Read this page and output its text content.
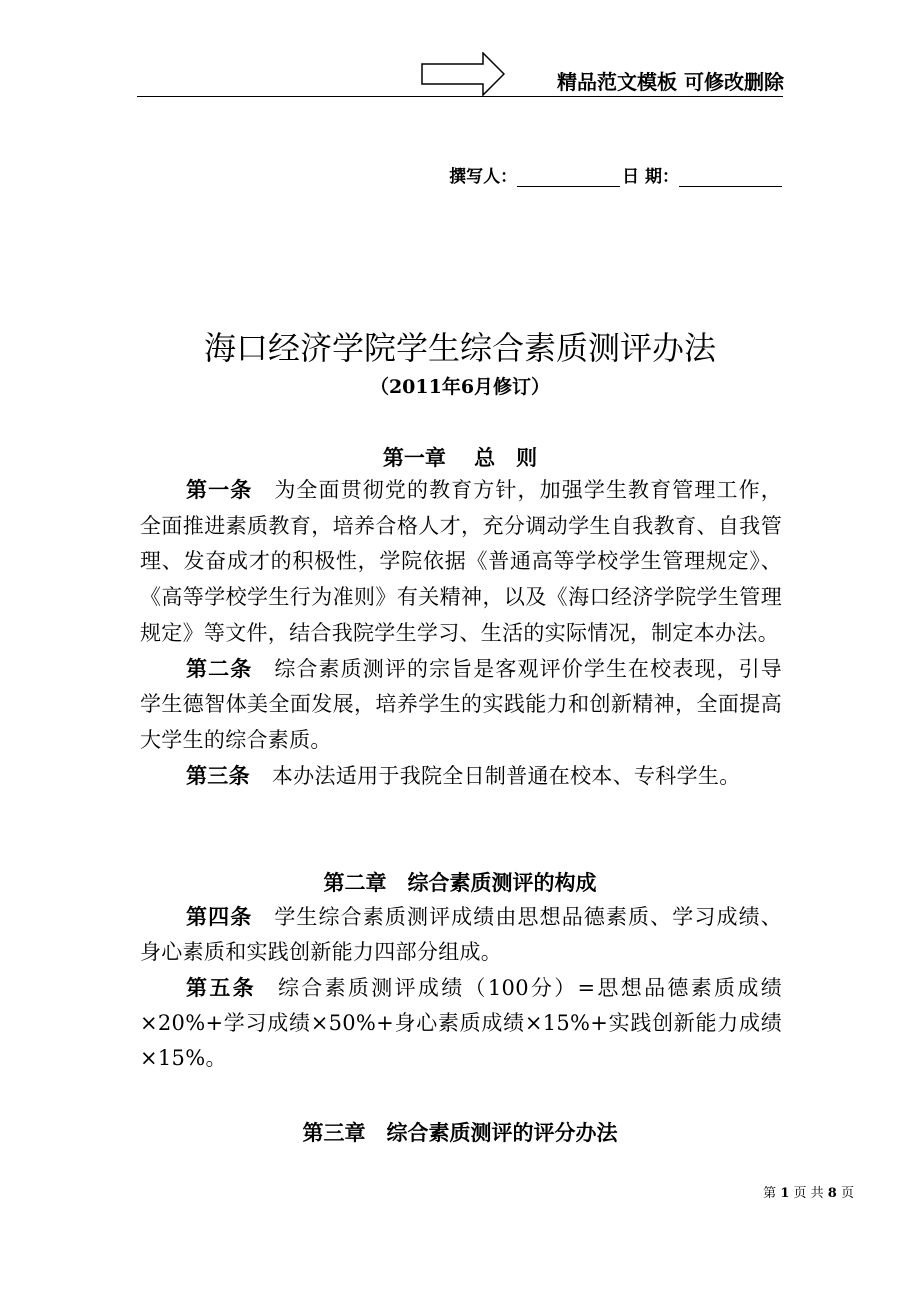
精品范文模板 可修改删除
撰写人：	日 期：
海口经济学院学生综合素质测评办法
（2011年6月修订）
第一章　 总　则

第一条 为全面贯彻党的教育方针，加强学生教育管理工作，全面推进素质教育，培养合格人才，充分调动学生自我教育、自我管理、发奋成才的积极性，学院依据《普通高等学校学生管理规定》、《高等学校学生行为准则》有关精神，以及《海口经济学院学生管理规定》等文件，结合我院学生学习、生活的实际情况，制定本办法。

第二条 综合素质测评的宗旨是客观评价学生在校表现，引导学生德智体美全面发展，培养学生的实践能力和创新精神，全面提高大学生的综合素质。

第三条 本办法适用于我院全日制普通在校本、专科学生。

第二章　综合素质测评的构成

第四条 学生综合素质测评成绩由思想品德素质、学习成绩、身心素质和实践创新能力四部分组成。

第五条 综合素质测评成绩（100分）=思想品德素质成绩×20%+学习成绩×50%+身心素质成绩×15%+实践创新能力成绩×15%。

第三章　综合素质测评的评分办法
第 1 页 共 8 页
